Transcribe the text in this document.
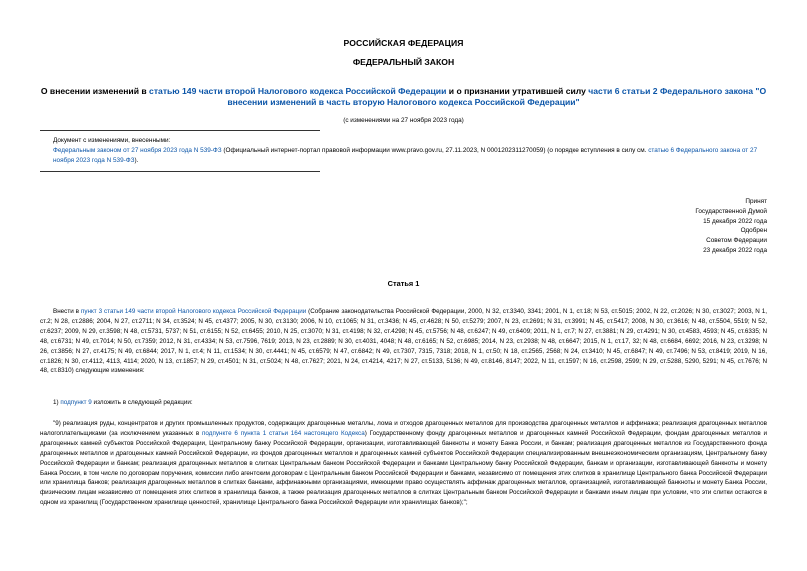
РОССИЙСКАЯ ФЕДЕРАЦИЯ
ФЕДЕРАЛЬНЫЙ ЗАКОН
О внесении изменений в статью 149 части второй Налогового кодекса Российской Федерации и о признании утратившей силу части 6 статьи 2 Федерального закона "О внесении изменений в часть вторую Налогового кодекса Российской Федерации"
(с изменениями на 27 ноября 2023 года)
Документ с изменениями, внесенными:
Федеральным законом от 27 ноября 2023 года N 539-ФЗ (Официальный интернет-портал правовой информации www.pravo.gov.ru, 27.11.2023, N 0001202311270059) (о порядке вступления в силу см. статью 6 Федерального закона от 27 ноября 2023 года N 539-ФЗ).
Принят
Государственной Думой
15 декабря 2022 года
Одобрен
Советом Федерации
23 декабря 2022 года
Статья 1
Внести в пункт 3 статьи 149 части второй Налогового кодекса Российской Федерации (Собрание законодательства Российской Федерации, 2000, N 32, ст.3340, 3341; 2001, N 1, ст.18; N 53, ст.5015; 2002, N 22, ст.2026; N 30, ст.3027; 2003, N 1, ст.2; N 28, ст.2886; 2004, N 27, ст.2711; N 34, ст.3524; N 45, ст.4377; 2005, N 30, ст.3130; 2006, N 10, ст.1065; N 31, ст.3436; N 45, ст.4628; N 50, ст.5279; 2007, N 23, ст.2691; N 31, ст.3991; N 45, ст.5417; 2008, N 30, ст.3616; N 48, ст.5504, 5519; N 52, ст.6237; 2009, N 29, ст.3598; N 48, ст.5731, 5737; N 51, ст.6155; N 52, ст.6455; 2010, N 25, ст.3070; N 31, ст.4198; N 32, ст.4298; N 45, ст.5756; N 48, ст.6247; N 49, ст.6409; 2011, N 1, ст.7; N 27, ст.3881; N 29, ст.4291; N 30, ст.4583, 4593; N 45, ст.6335; N 48, ст.6731; N 49, ст.7014; N 50, ст.7359; 2012, N 31, ст.4334; N 53, ст.7596, 7619; 2013, N 23, ст.2889; N 30, ст.4031, 4048; N 48, ст.6165; N 52, ст.6985; 2014, N 23, ст.2938; N 48, ст.6647; 2015, N 1, ст.17, 32; N 48, ст.6684, 6692; 2016, N 23, ст.3298; N 26, ст.3856; N 27, ст.4175; N 49, ст.6844; 2017, N 1, ст.4; N 11, ст.1534; N 30, ст.4441; N 45, ст.6579; N 47, ст.6842; N 49, ст.7307, 7315, 7318; 2018, N 1, ст.50; N 18, ст.2565, 2568; N 24, ст.3410; N 45, ст.6847; N 49, ст.7496; N 53, ст.8419; 2019, N 16, ст.1826; N 30, ст.4112, 4113, 4114; 2020, N 13, ст.1857; N 29, ст.4501; N 31, ст.5024; N 48, ст.7627; 2021, N 24, ст.4214, 4217; N 27, ст.5133, 5136; N 49, ст.8146, 8147; 2022, N 11, ст.1597; N 16, ст.2598, 2599; N 29, ст.5288, 5290, 5291; N 45, ст.7676; N 48, ст.8310) следующие изменения:
1) подпункт 9 изложить в следующей редакции:
"9) реализация руды, концентратов и других промышленных продуктов, содержащих драгоценные металлы, лома и отходов драгоценных металлов для производства драгоценных металлов и аффинажа; реализация драгоценных металлов налогоплательщиками (за исключением указанных в подпункте 6 пункта 1 статьи 164 настоящего Кодекса) Государственному фонду драгоценных металлов и драгоценных камней Российской Федерации, фондам драгоценных металлов и драгоценных камней субъектов Российской Федерации, Центральному банку Российской Федерации, организации, изготавливающей банкноты и монету Банка России, и банкам; реализация драгоценных металлов из Государственного фонда драгоценных металлов и драгоценных камней Российской Федерации, из фондов драгоценных металлов и драгоценных камней субъектов Российской Федерации специализированным внешнеэкономическим организациям, Центральному банку Российской Федерации и банкам; реализация драгоценных металлов в слитках Центральным банком Российской Федерации и банками Центральному банку Российской Федерации, банкам и организации, изготавливающей банкноты и монету Банка России, в том числе по договорам поручения, комиссии либо агентским договорам с Центральным банком Российской Федерации и банками, независимо от помещения этих слитков в хранилище Центрального банка Российской Федерации или хранилища банков; реализация драгоценных металлов в слитках банками, аффинажными организациями, имеющими право осуществлять аффинаж драгоценных металлов, организацией, изготавливающей банкноты и монету Банка России, физическим лицам независимо от помещения этих слитков в хранилища банков, а также реализация драгоценных металлов в слитках Центральным банком Российской Федерации и банками иным лицам при условии, что эти слитки остаются в одном из хранилищ (Государственном хранилище ценностей, хранилище Центрального банка Российской Федерации или хранилищах банков);";
